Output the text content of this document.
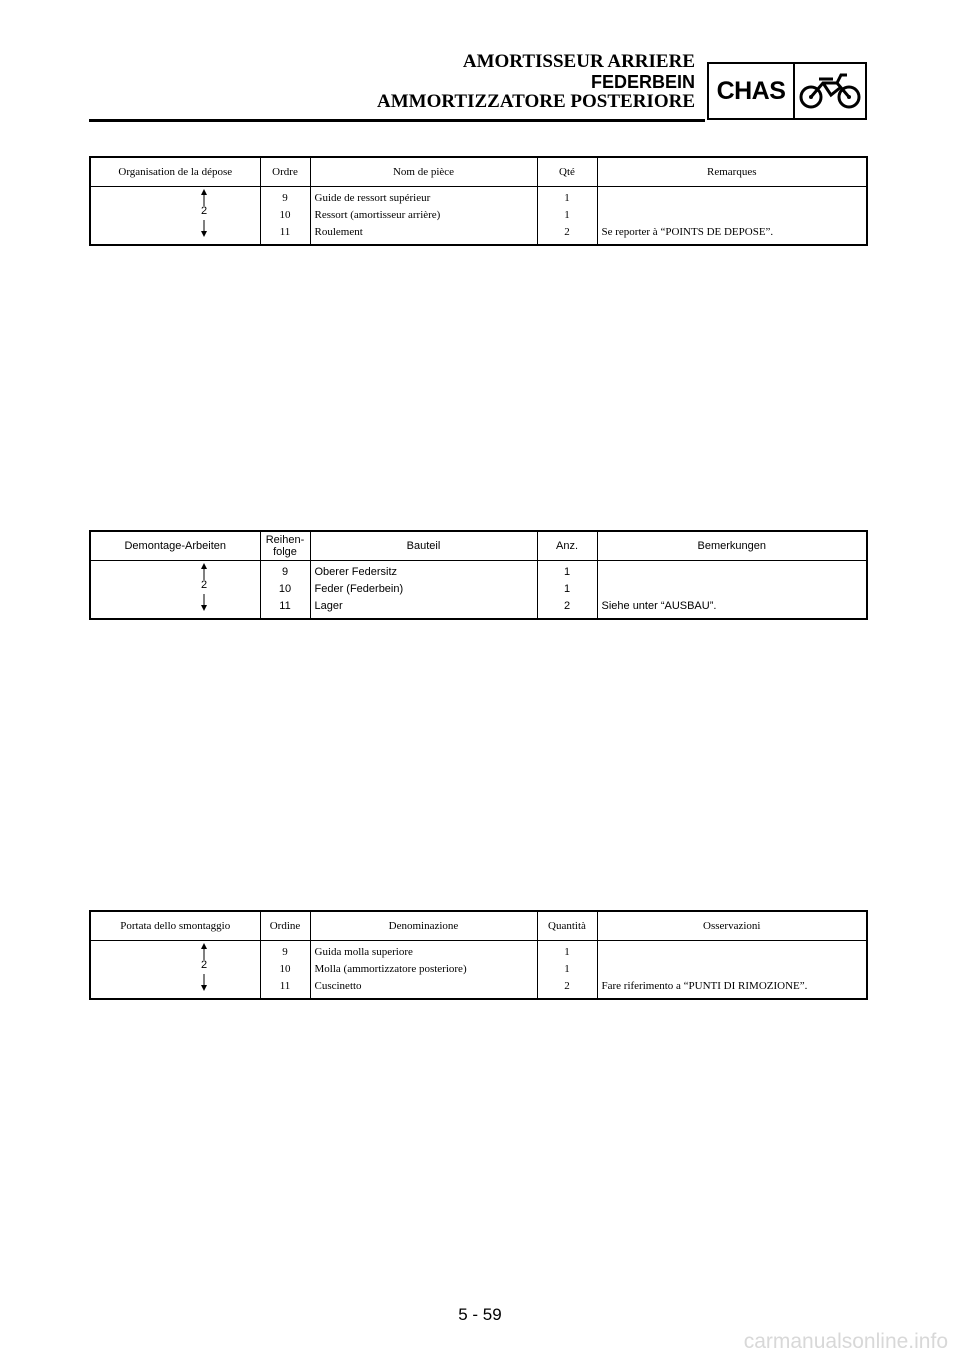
AMORTISSEUR ARRIERE
FEDERBEIN
AMMORTIZZATORE POSTERIORE CHAS
Organisation de la dépose	Ordre	Nom de pièce	Qté	Remarques

2	9	Guide de ressort supérieur	1	
	10	Ressort (amortisseur arrière)	1	
	11	Roulement	2	Se reporter à “POINTS DE DEPOSE”.
Demontage-Arbeiten	Reihen-
folge	Bauteil	Anz.	Bemerkungen

2	9	Oberer Federsitz	1	
	10	Feder (Federbein)	1	
	11	Lager	2	Siehe unter “AUSBAU”.
Portata dello smontaggio	Ordine	Denominazione	Quantità	Osservazioni

2	9	Guida molla superiore	1	
	10	Molla (ammortizzatore posteriore)	1	
	11	Cuscinetto	2	Fare riferimento a “PUNTI DI RIMOZIONE”.
5 - 59
carmanualsonline.info
